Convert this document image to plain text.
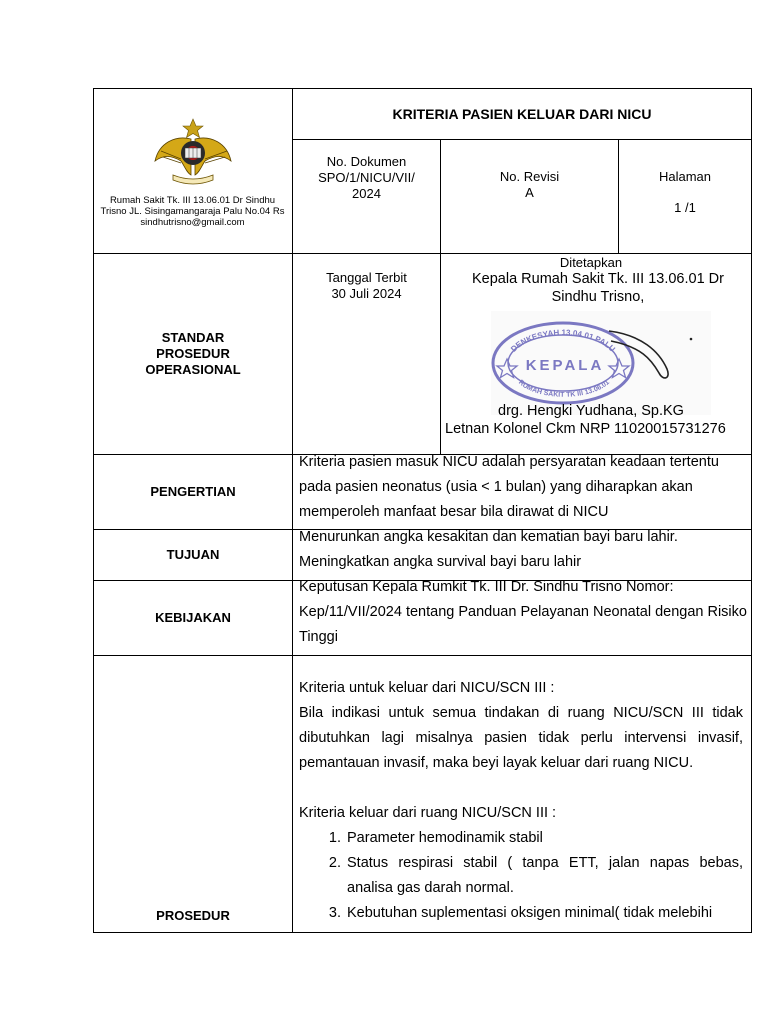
Rumah Sakit Tk. III 13.06.01 Dr Sindhu Trisno JL. Sisingamangaraja Palu No.04 Rs sindhutrisno@gmail.com
KRITERIA PASIEN KELUAR DARI NICU
No. Dokumen
SPO/1/NICU/VII/ 2024
No. Revisi
A
Halaman
1 /1
STANDAR PROSEDUR OPERASIONAL
Tanggal Terbit
30 Juli 2024
Ditetapkan
Kepala Rumah Sakit Tk. III 13.06.01 Dr Sindhu Trisno,
DENKESYAH 13.04.01 PALU
KEPALA
RUMAH SAKIT TK III 13.06.01
drg. Hengki Yudhana, Sp.KG
Letnan Kolonel Ckm NRP 11020015731276
PENGERTIAN
Kriteria pasien masuk NICU adalah persyaratan keadaan tertentu pada pasien neonatus (usia < 1 bulan) yang diharapkan akan memperoleh manfaat besar bila dirawat di NICU
TUJUAN
Menurunkan angka kesakitan dan kematian bayi baru lahir.
Meningkatkan angka survival bayi baru lahir
KEBIJAKAN
Keputusan Kepala Rumkit Tk. III Dr. Sindhu Trisno Nomor: Kep/11/VII/2024 tentang Panduan Pelayanan Neonatal dengan Risiko Tinggi
PROSEDUR
Kriteria untuk keluar dari NICU/SCN III :
Bila indikasi untuk semua tindakan di ruang NICU/SCN III tidak dibutuhkan lagi misalnya pasien tidak perlu intervensi invasif, pemantauan invasif, maka beyi layak keluar dari ruang NICU.
Kriteria keluar dari ruang NICU/SCN III :
1. Parameter hemodinamik stabil
2. Status respirasi stabil ( tanpa ETT, jalan napas bebas, analisa gas darah normal.
3. Kebutuhan suplementasi oksigen minimal( tidak melebihi
